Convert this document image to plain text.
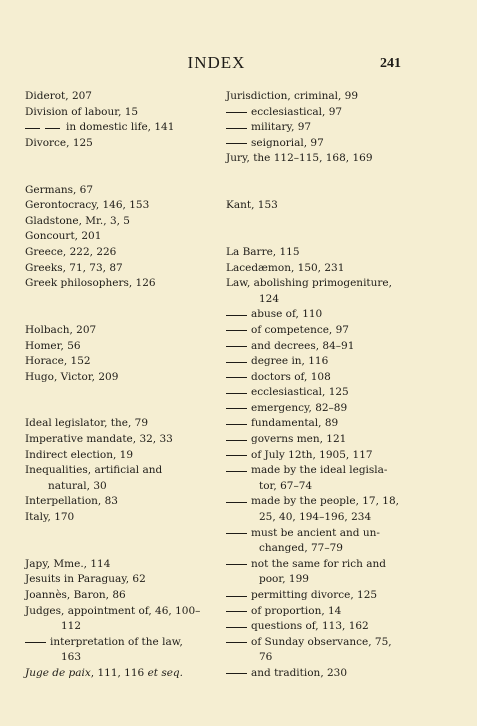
INDEX	241
Diderot, 207
Division of labour, 15
in domestic life, 141
Divorce, 125
Germans, 67
Gerontocracy, 146, 153
Gladstone, Mr., 3, 5
Goncourt, 201
Greece, 222, 226
Greeks, 71, 73, 87
Greek philosophers, 126
Holbach, 207
Homer, 56
Horace, 152
Hugo, Victor, 209
Ideal legislator, the, 79
Imperative mandate, 32, 33
Indirect election, 19
Inequalities, artificial and
natural, 30
Interpellation, 83
Italy, 170
Japy, Mme., 114
Jesuits in Paraguay, 62
Joannès, Baron, 86
Judges, appointment of, 46, 100–
112
interpretation of the law,
163
Juge de paix, 111, 116 et seq.
Jurisdiction, criminal, 99
ecclesiastical, 97
military, 97
seignorial, 97
Jury, the 112–115, 168, 169
Kant, 153
La Barre, 115
Lacedæmon, 150, 231
Law, abolishing primogeniture,
124
abuse of, 110
of competence, 97
and decrees, 84–91
degree in, 116
doctors of, 108
ecclesiastical, 125
emergency, 82–89
fundamental, 89
governs men, 121
of July 12th, 1905, 117
made by the ideal legisla-
tor, 67–74
made by the people, 17, 18,
25, 40, 194–196, 234
must be ancient and un-
changed, 77–79
not the same for rich and
poor, 199
permitting divorce, 125
of proportion, 14
questions of, 113, 162
of Sunday observance, 75,
76
and tradition, 230
